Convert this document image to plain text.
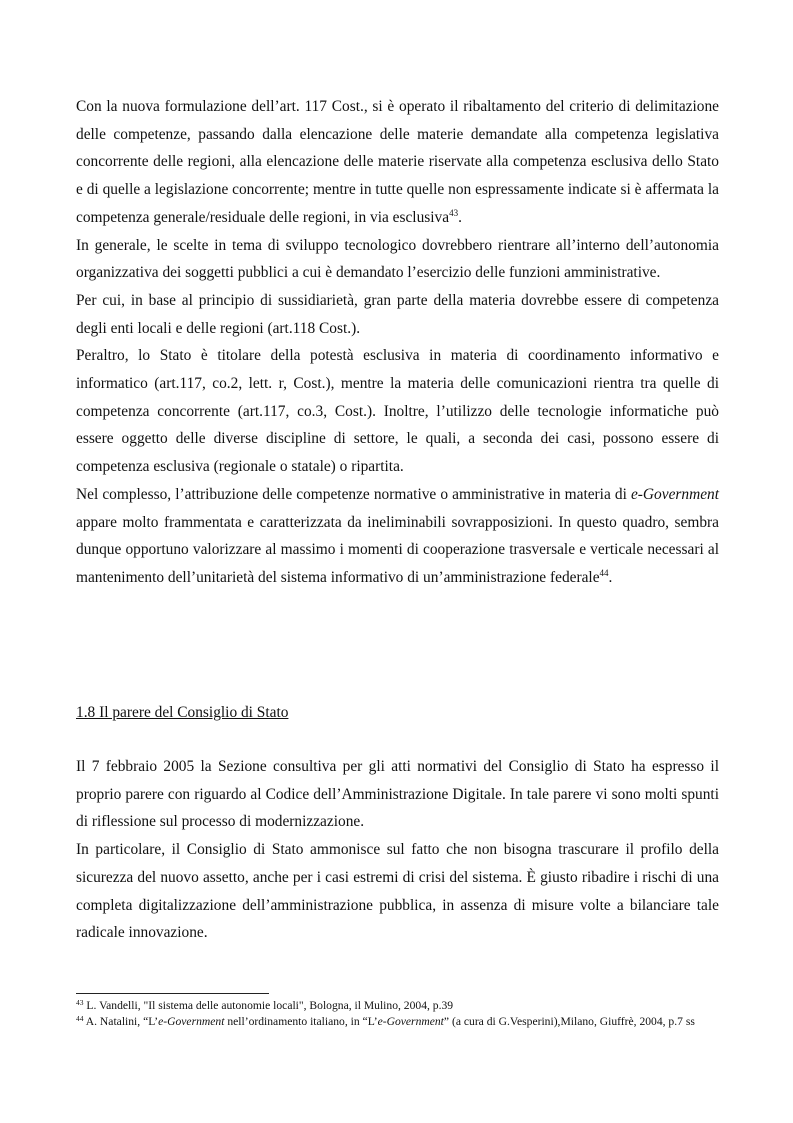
Con la nuova formulazione dell’art. 117 Cost., si è operato il ribaltamento del criterio di delimitazione delle competenze, passando dalla elencazione delle materie demandate alla competenza legislativa concorrente delle regioni, alla elencazione delle materie riservate alla competenza esclusiva dello Stato e di quelle a legislazione concorrente; mentre in tutte quelle non espressamente indicate si è affermata la competenza generale/residuale delle regioni, in via esclusiva$^{43}$.

In generale, le scelte in tema di sviluppo tecnologico dovrebbero rientrare all’interno dell’autonomia organizzativa dei soggetti pubblici a cui è demandato l’esercizio delle funzioni amministrative.

Per cui, in base al principio di sussidiarietà, gran parte della materia dovrebbe essere di competenza degli enti locali e delle regioni (art.118 Cost.).

Peraltro, lo Stato è titolare della potestà esclusiva in materia di coordinamento informativo e informatico (art.117, co.2, lett. r, Cost.), mentre la materia delle comunicazioni rientra tra quelle di competenza concorrente (art.117, co.3, Cost.). Inoltre, l’utilizzo delle tecnologie informatiche può essere oggetto delle diverse discipline di settore, le quali, a seconda dei casi, possono essere di competenza esclusiva (regionale o statale) o ripartita.

Nel complesso, l’attribuzione delle competenze normative o amministrative in materia di e-Government appare molto frammentata e caratterizzata da ineliminabili sovrapposizioni. In questo quadro, sembra dunque opportuno valorizzare al massimo i momenti di cooperazione trasversale e verticale necessari al mantenimento dell’unitarietà del sistema informativo di un’amministrazione federale$^{44}$.

1.8 Il parere del Consiglio di Stato

Il 7 febbraio 2005 la Sezione consultiva per gli atti normativi del Consiglio di Stato ha espresso il proprio parere con riguardo al Codice dell’Amministrazione Digitale. In tale parere vi sono molti spunti di riflessione sul processo di modernizzazione.

In particolare, il Consiglio di Stato ammonisce sul fatto che non bisogna trascurare il profilo della sicurezza del nuovo assetto, anche per i casi estremi di crisi del sistema. È giusto ribadire i rischi di una completa digitalizzazione dell’amministrazione pubblica, in assenza di misure volte a bilanciare tale radicale innovazione.

$^{43}$ L. Vandelli, "Il sistema delle autonomie locali", Bologna, il Mulino, 2004, p.39

$^{44}$ A. Natalini, “L’e-Government nell’ordinamento italiano, in “L’e-Government” (a cura di G.Vesperini),Milano, Giuffrè, 2004, p.7 ss
